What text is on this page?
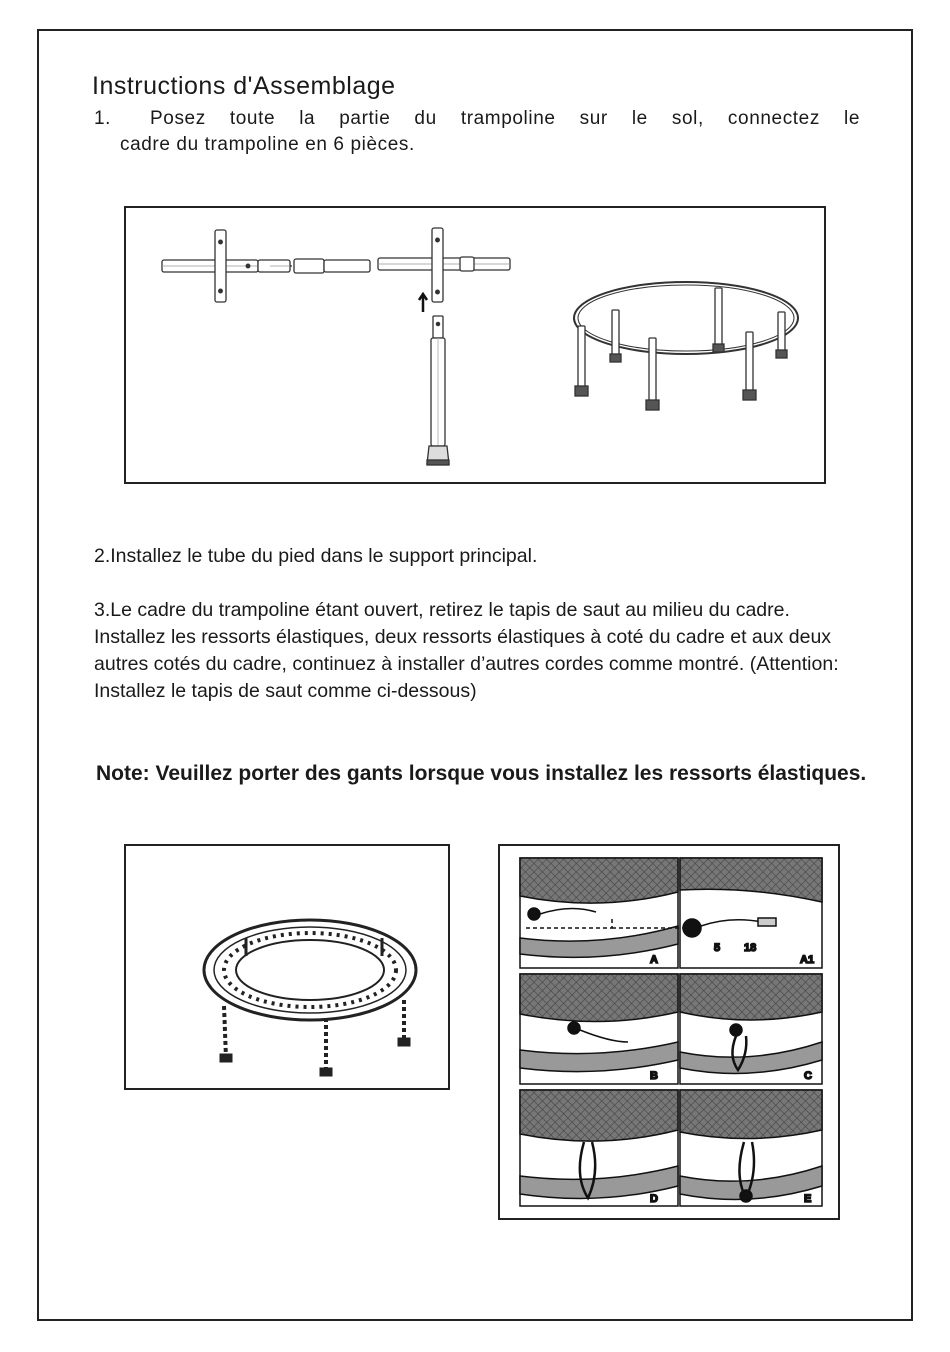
Instructions d'Assemblage
1.	Posez toute la partie du trampoline sur le sol, connectez le
cadre du trampoline en 6 pièces.
2.Installez le tube du pied dans le support principal.
3.Le cadre du trampoline étant ouvert, retirez le tapis de saut au milieu du cadre. Installez les ressorts élastiques, deux ressorts élastiques à coté du cadre et aux deux autres cotés du cadre, continuez à installer d’autres cordes comme montré. (Attention: Installez le tapis de saut comme ci-dessous)
Note: Veuillez porter des gants lorsque vous installez les ressorts élastiques.
A
5 18
A1
B	C
D	E
